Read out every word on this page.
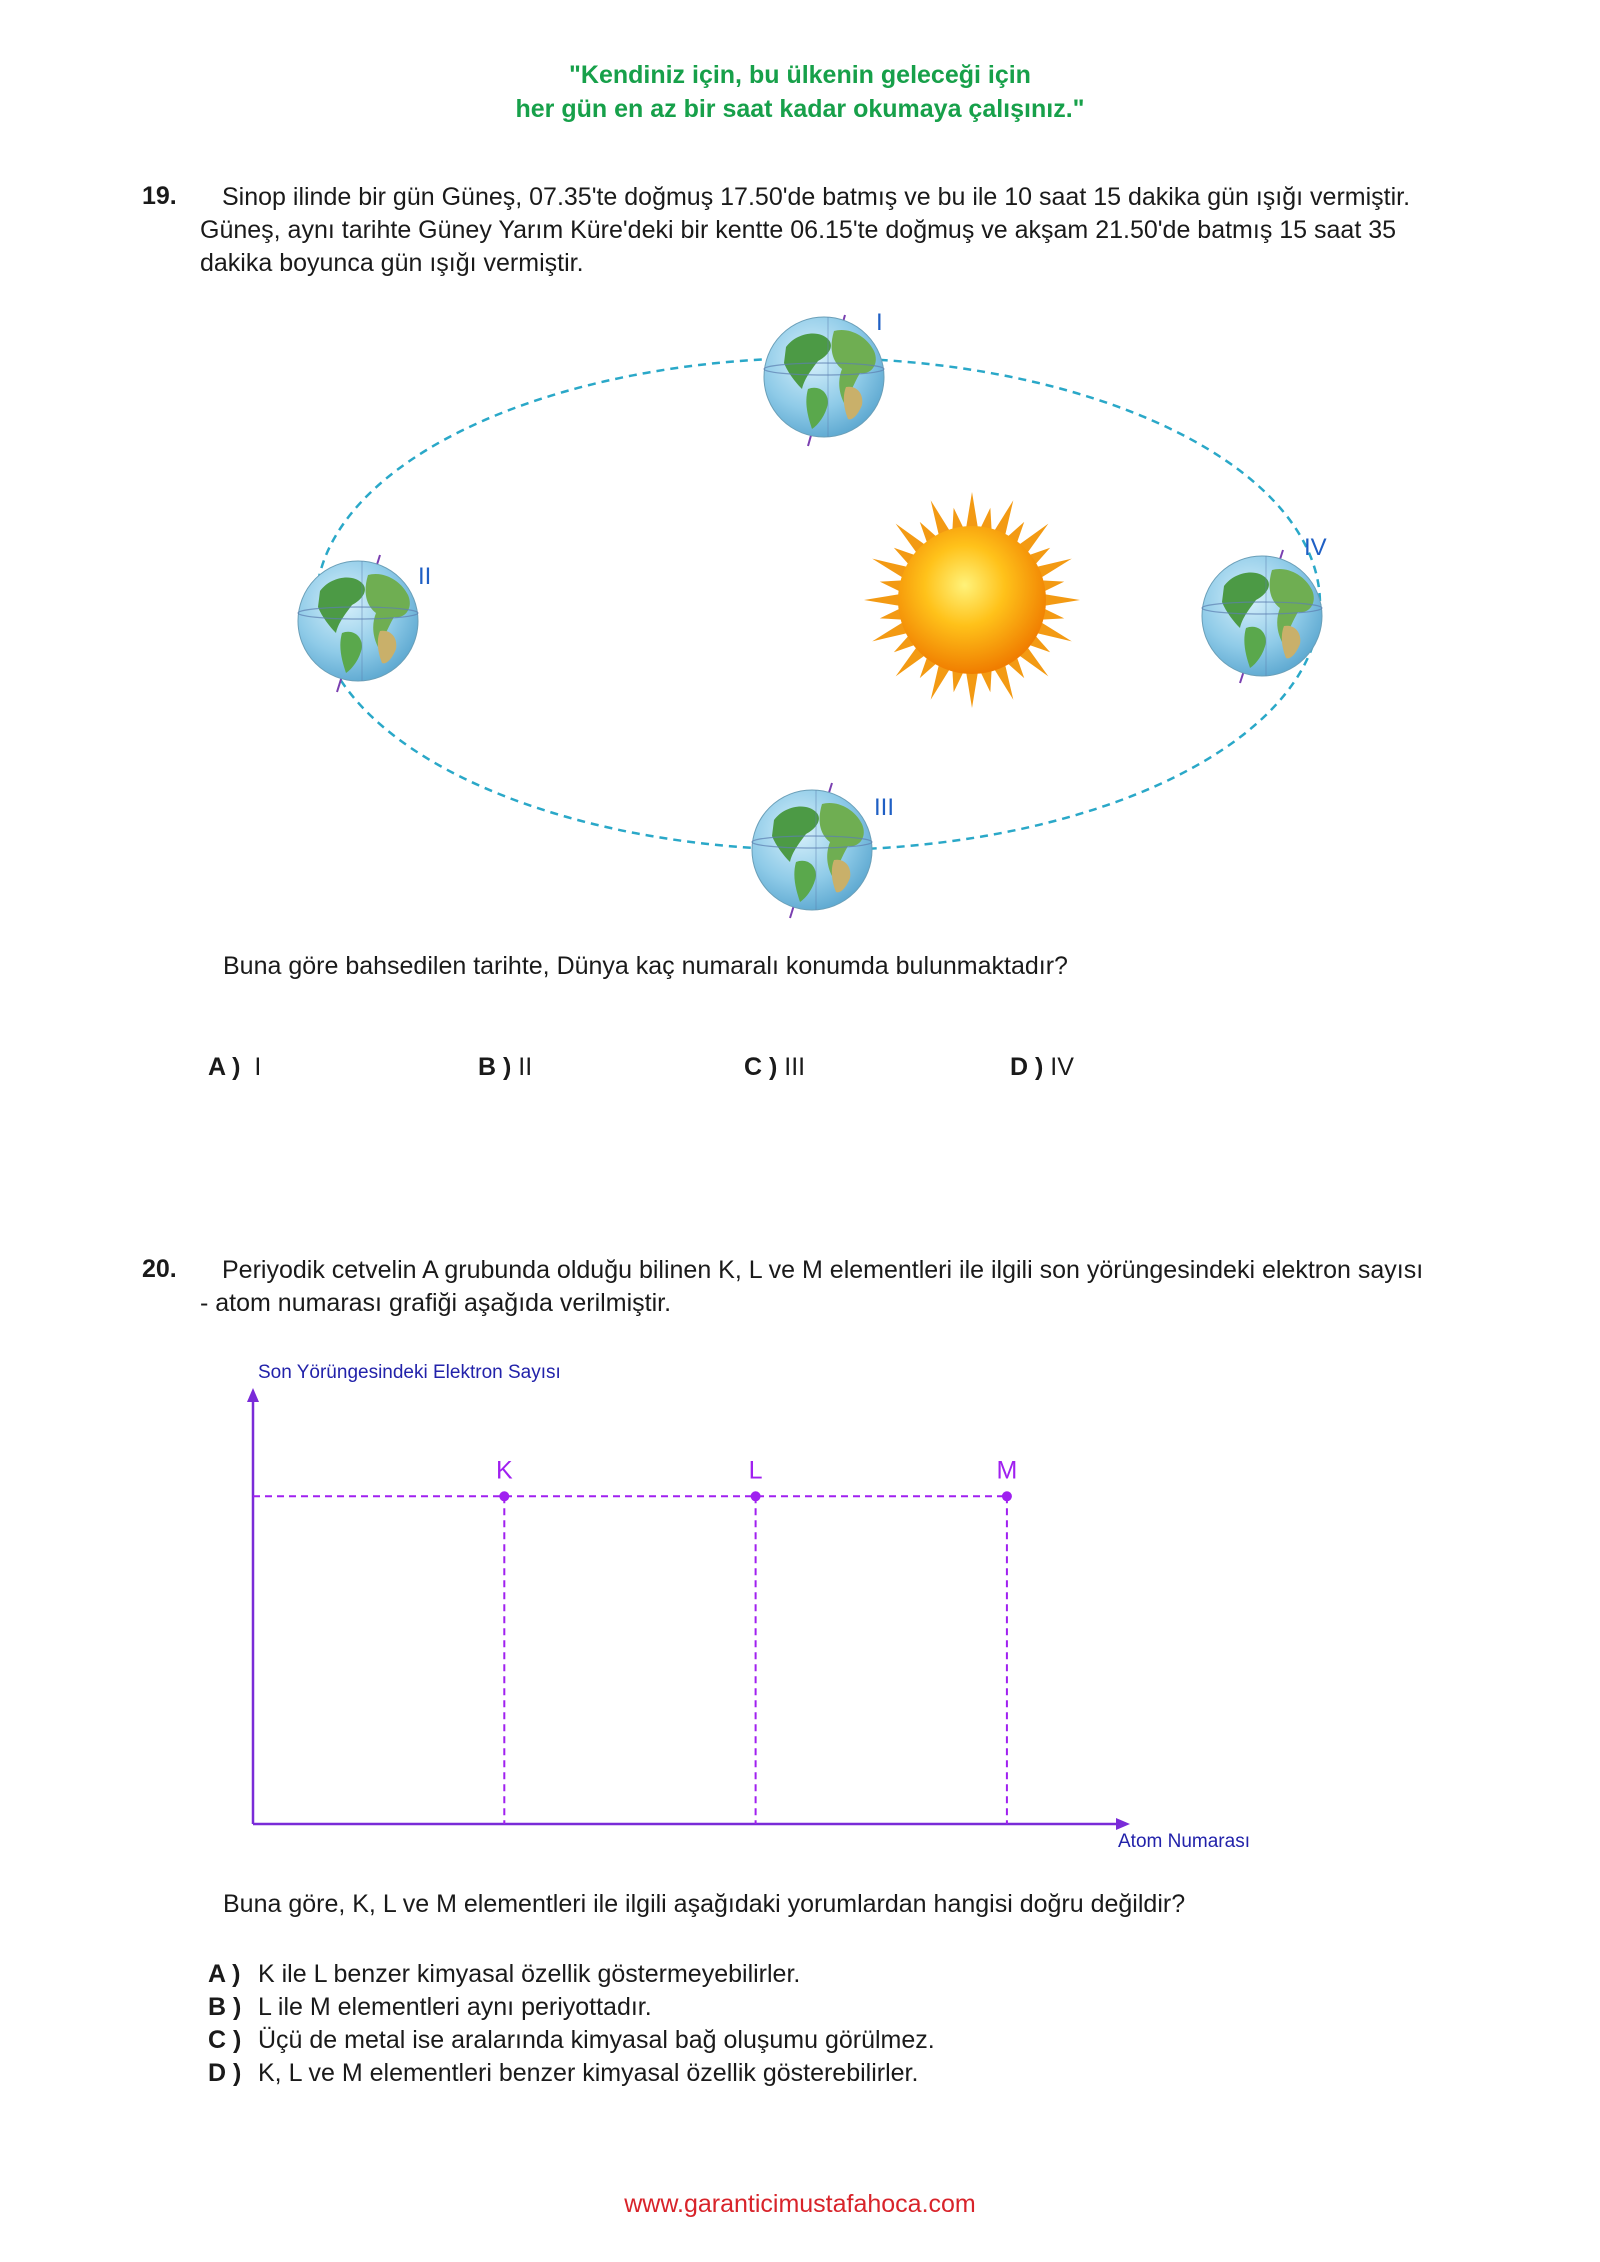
"Kendiniz için, bu ülkenin geleceği için
her gün en az bir saat kadar okumaya çalışınız."
19.	Sinop ilinde bir gün Güneş, 07.35'te doğmuş 17.50'de batmış ve bu ile 10 saat 15 dakika gün ışığı vermiştir. Güneş, aynı tarihte Güney Yarım Küre'deki bir kentte 06.15'te doğmuş ve akşam 21.50'de batmış 15 saat 35 dakika boyunca gün ışığı vermiştir.
I
II
III
IV
Son Yörüngesindeki Elektron Sayısı
Atom Numarası
K	L	M
Buna göre bahsedilen tarihte, Dünya kaç numaralı konumda bulunmaktadır?
A ) I	B ) II	C ) III	D ) IV
20.	Periyodik cetvelin A grubunda olduğu bilinen K, L ve M elementleri ile ilgili son yörüngesindeki elektron sayısı - atom numarası grafiği aşağıda verilmiştir.
Buna göre, K, L ve M elementleri ile ilgili aşağıdaki yorumlardan hangisi doğru değildir?
A ) K ile L benzer kimyasal özellik göstermeyebilirler.
B ) L ile M elementleri aynı periyottadır.
C ) Üçü de metal ise aralarında kimyasal bağ oluşumu görülmez.
D ) K, L ve M elementleri benzer kimyasal özellik gösterebilirler.
www.garanticimustafahoca.com
